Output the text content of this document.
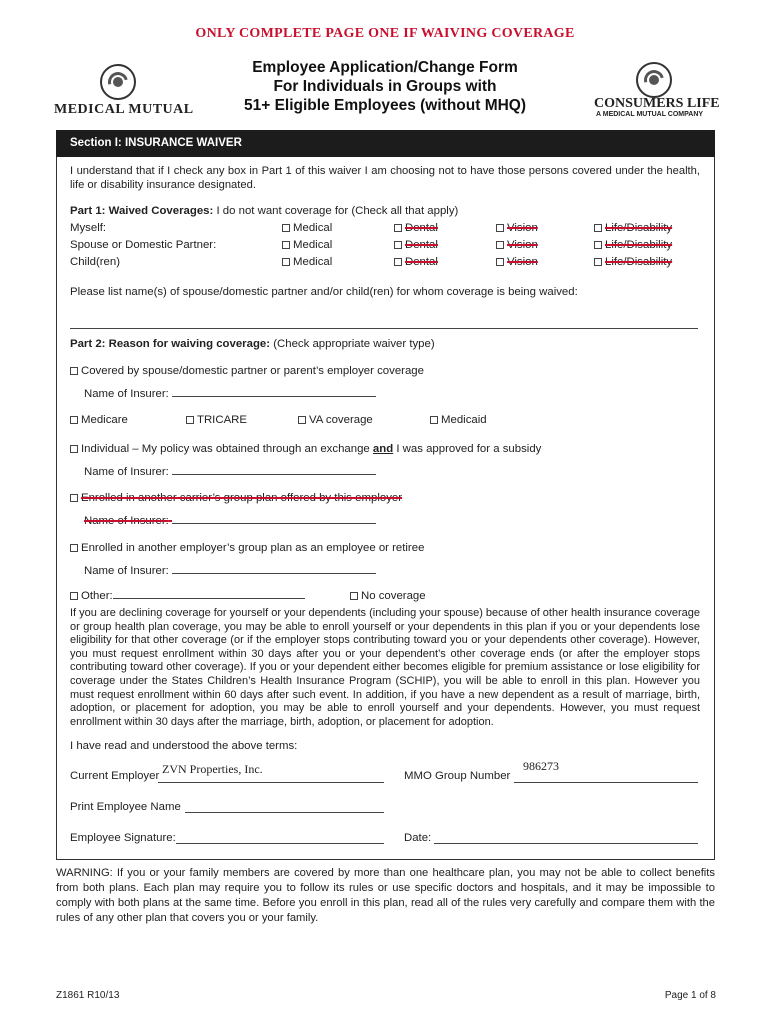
ONLY COMPLETE PAGE ONE IF WAIVING COVERAGE
MEDICAL MUTUAL
Employee Application/Change Form
For Individuals in Groups with
51+ Eligible Employees (without MHQ)	CONSUMERS LIFE
A MEDICAL MUTUAL COMPANY
Section I: INSURANCE WAIVER
I understand that if I check any box in Part 1 of this waiver I am choosing not to have those persons covered under the health, life or disability insurance designated.
Part 1: Waived Coverages: I do not want coverage for (Check all that apply)
Myself:	Medical	Dental	Vision	Life/Disability
Spouse or Domestic Partner:	Medical	Dental	Vision	Life/Disability
Child(ren)	Medical	Dental	Vision	Life/Disability
Please list name(s) of spouse/domestic partner and/or child(ren) for whom coverage is being waived:
Part 2: Reason for waiving coverage: (Check appropriate waiver type)
Covered by spouse/domestic partner or parent’s employer coverage
Name of Insurer:
Medicare	TRICARE	VA coverage	Medicaid
Individual – My policy was obtained through an exchange and I was approved for a subsidy
Name of Insurer:
Enrolled in another carrier’s group plan offered by this employer
Name of Insurer:
Enrolled in another employer’s group plan as an employee or retiree
Name of Insurer:
Other:	No coverage
If you are declining coverage for yourself or your dependents (including your spouse) because of other health insurance coverage or group health plan coverage, you may be able to enroll yourself or your dependents in this plan if you or your dependents lose eligibility for that other coverage (or if the employer stops contributing toward you or your dependents other coverage). However, you must request enrollment within 30 days after you or your dependent’s other coverage ends (or after the employer stops contributing toward other coverage). If you or your dependent either becomes eligible for premium assistance or lose eligibility for coverage under the States Children’s Health Insurance Program (SCHIP), you will be able to enroll in this plan. However you must request enrollment within 60 days after such event. In addition, if you have a new dependent as a result of marriage, birth, adoption, or placement for adoption, you may be able to enroll yourself and your dependents. However, you must request enrollment within 30 days after the marriage, birth, adoption, or placement for adoption.
I have read and understood the above terms:
Current Employer ZVN Properties, Inc.	MMO Group Number
986273
Print Employee Name
Employee Signature:	Date:
WARNING: If you or your family members are covered by more than one healthcare plan, you may not be able to collect benefits from both plans. Each plan may require you to follow its rules or use specific doctors and hospitals, and it may be impossible to comply with both plans at the same time. Before you enroll in this plan, read all of the rules very carefully and compare them with the rules of any other plan that covers you or your family.
Z1861 R10/13	Page 1 of 8
